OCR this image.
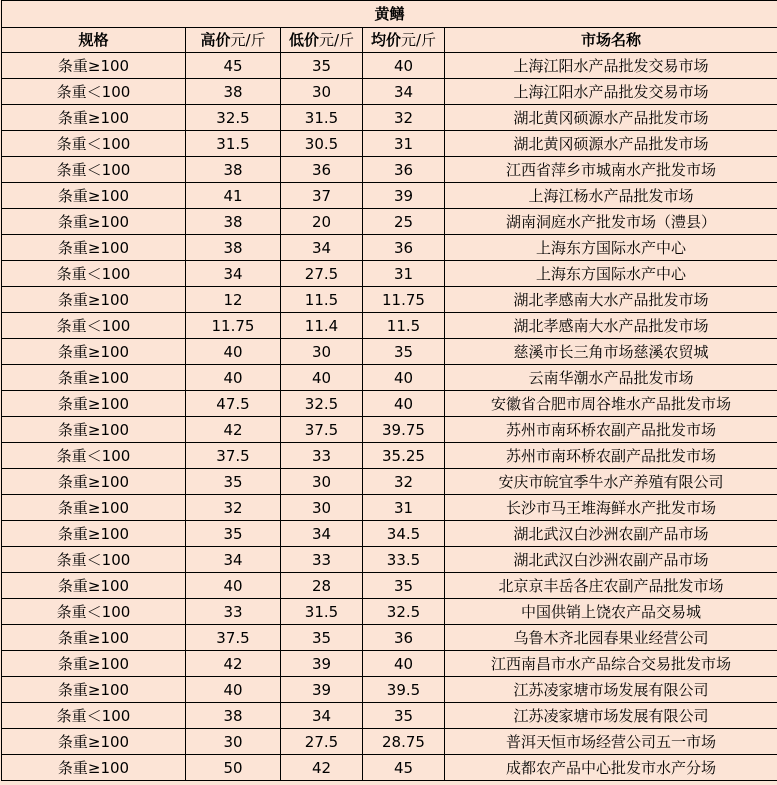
黄鳝				
规格	高价元/斤	低价元/斤	均价元/斤	市场名称
条重≥100	45	35	40	上海江阳水产品批发交易市场
条重＜100	38	30	34	上海江阳水产品批发交易市场
条重≥100	32.5	31.5	32	湖北黄冈硕源水产品批发市场
条重＜100	31.5	30.5	31	湖北黄冈硕源水产品批发市场
条重＜100	38	36	36	江西省萍乡市城南水产批发市场
条重≥100	41	37	39	上海江杨水产品批发市场
条重≥100	38	20	25	湖南洞庭水产批发市场（澧县）
条重≥100	38	34	36	上海东方国际水产中心
条重＜100	34	27.5	31	上海东方国际水产中心
条重≥100	12	11.5	11.75	湖北孝感南大水产品批发市场
条重＜100	11.75	11.4	11.5	湖北孝感南大水产品批发市场
条重≥100	40	30	35	慈溪市长三角市场慈溪农贸城
条重≥100	40	40	40	云南华潮水产品批发市场
条重≥100	47.5	32.5	40	安徽省合肥市周谷堆水产品批发市场
条重≥100	42	37.5	39.75	苏州市南环桥农副产品批发市场
条重＜100	37.5	33	35.25	苏州市南环桥农副产品批发市场
条重≥100	35	30	32	安庆市皖宜季牛水产养殖有限公司
条重≥100	32	30	31	长沙市马王堆海鲜水产批发市场
条重≥100	35	34	34.5	湖北武汉白沙洲农副产品市场
条重＜100	34	33	33.5	湖北武汉白沙洲农副产品市场
条重≥100	40	28	35	北京京丰岳各庄农副产品批发市场
条重＜100	33	31.5	32.5	中国供销上饶农产品交易城
条重≥100	37.5	35	36	乌鲁木齐北园春果业经营公司
条重≥100	42	39	40	江西南昌市水产品综合交易批发市场
条重≥100	40	39	39.5	江苏凌家塘市场发展有限公司
条重＜100	38	34	35	江苏凌家塘市场发展有限公司
条重≥100	30	27.5	28.75	普洱天恒市场经营公司五一市场
条重≥100	50	42	45	成都农产品中心批发市水产分场
